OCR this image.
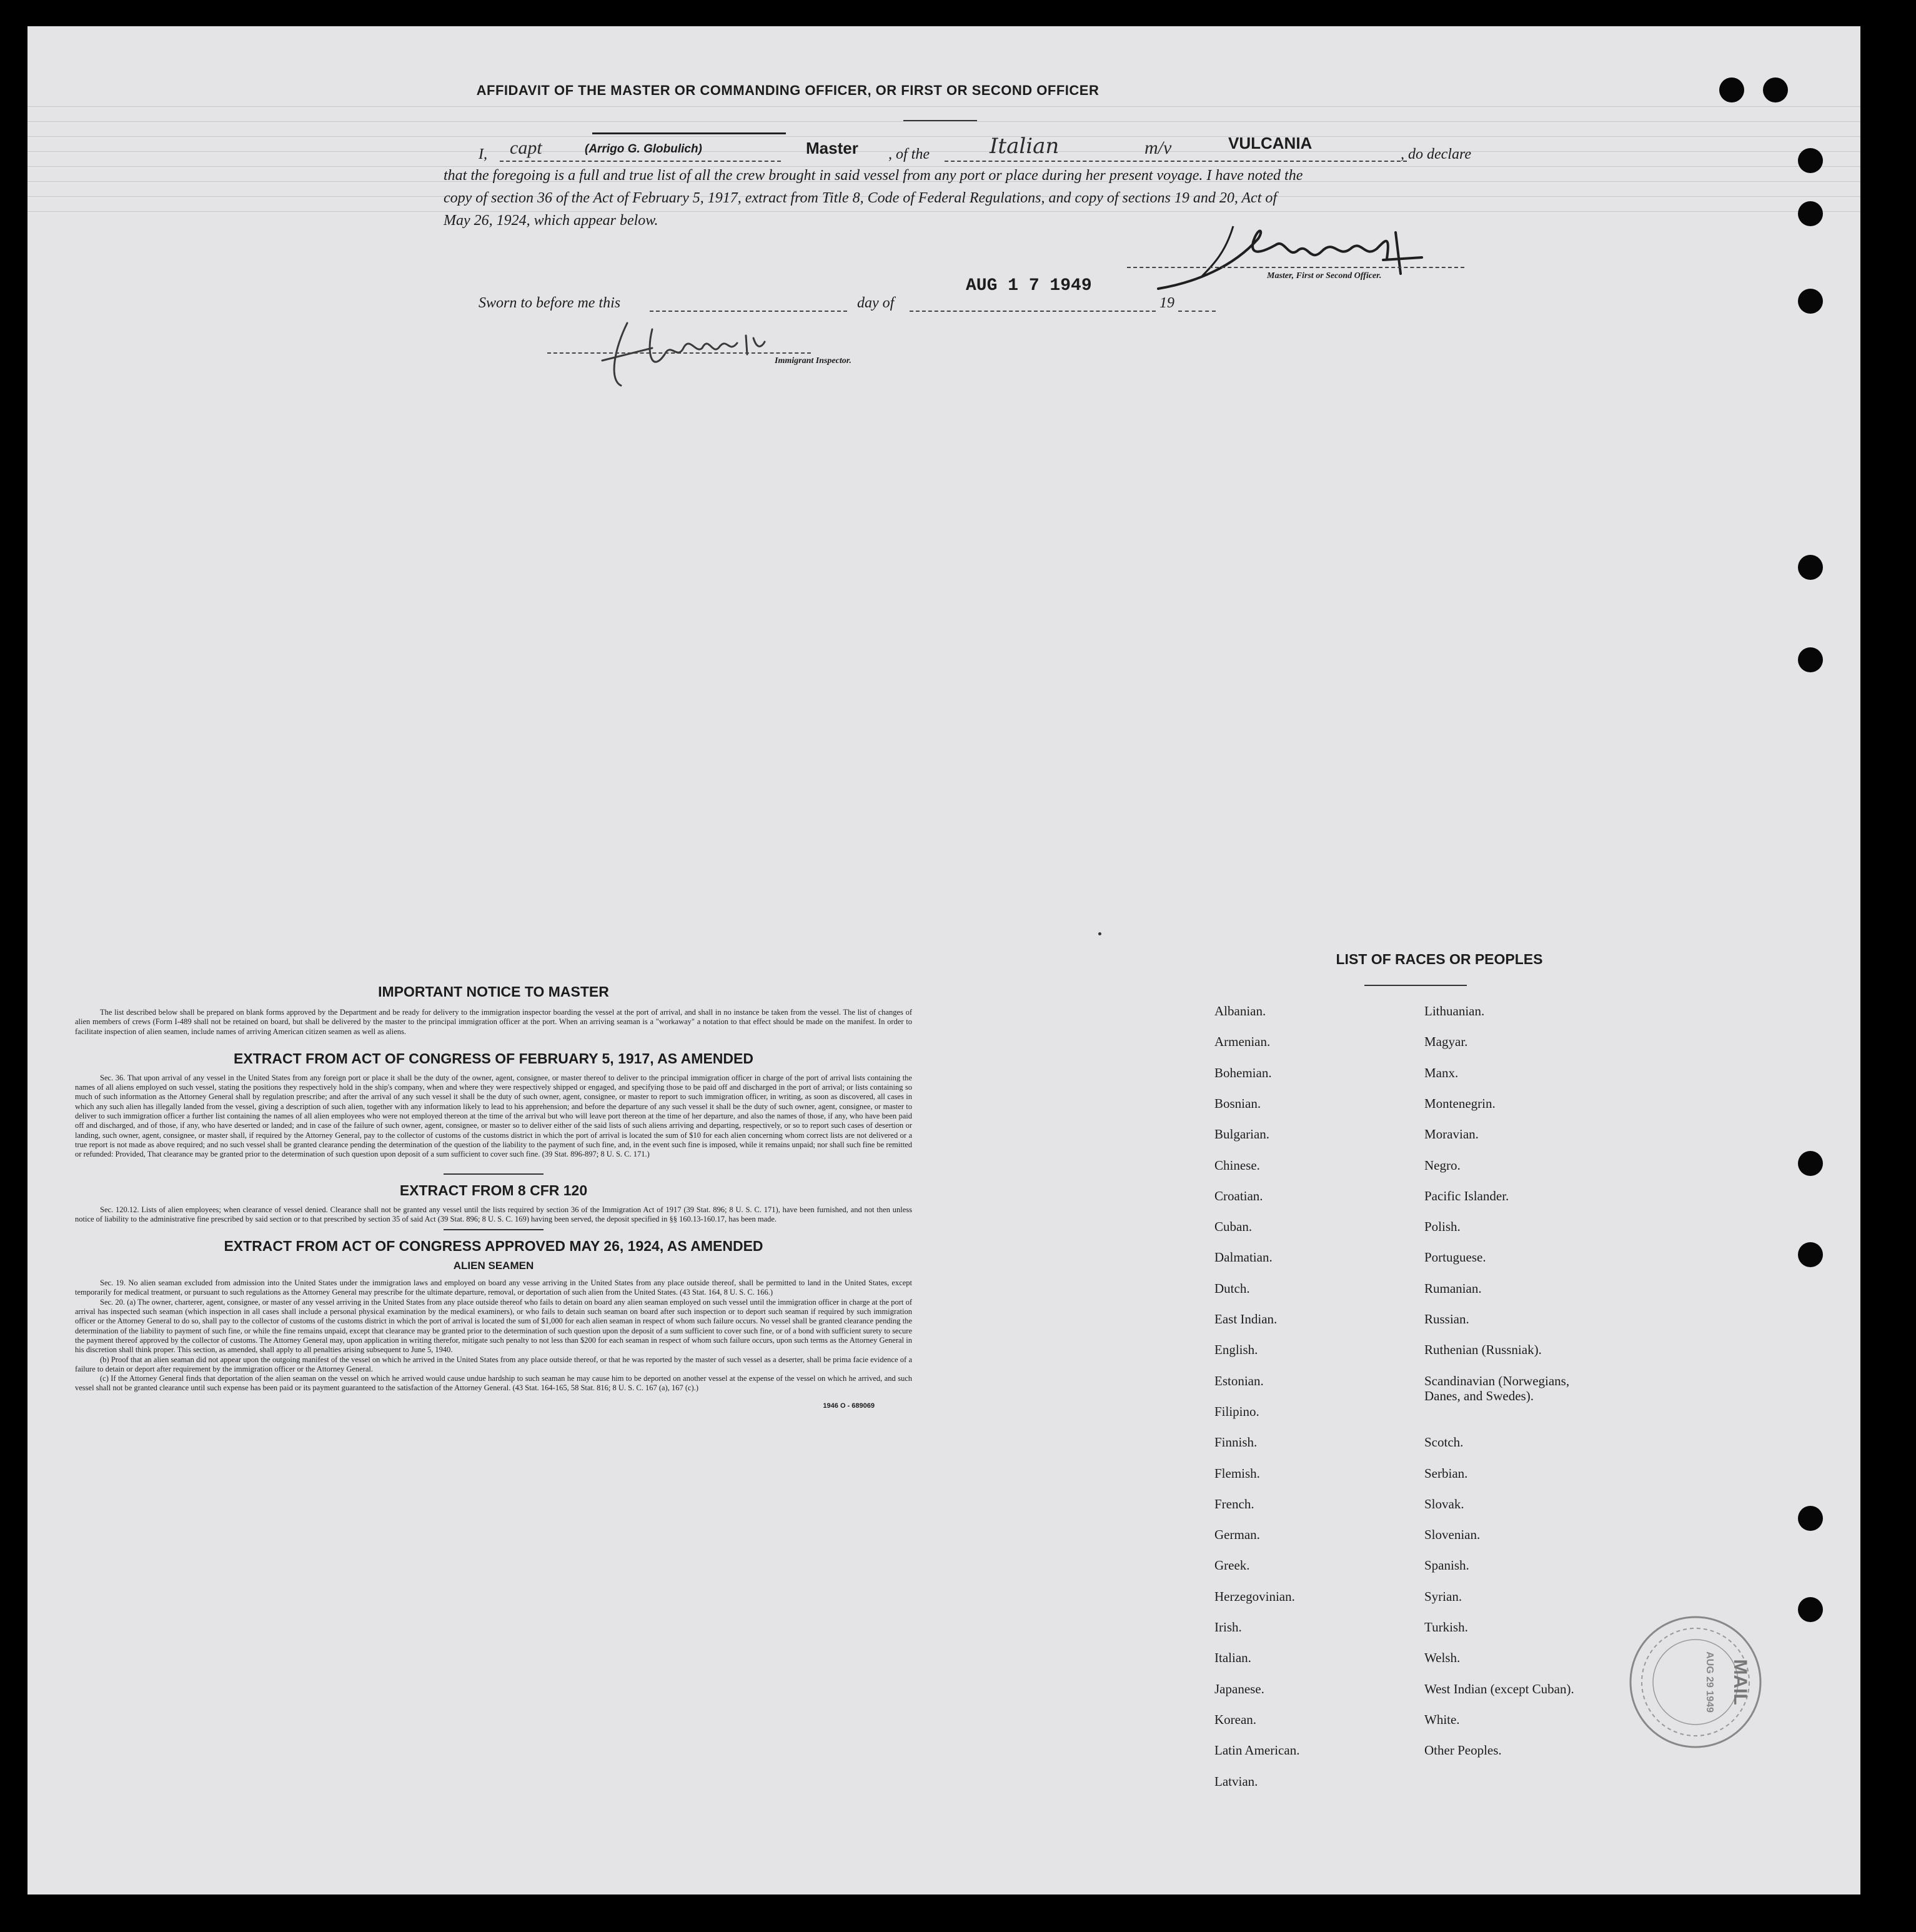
AFFIDAVIT OF THE MASTER OR COMMANDING OFFICER, OR FIRST OR SECOND OFFICER
I, capt	(Arrigo G. Globulich)	Master , of the	Italian	m/v	VULCANIA
, do declare
that the foregoing is a full and true list of all the crew brought in said vessel from any port or place during her present voyage. I have noted the
copy of section 36 of the Act of February 5, 1917, extract from Title 8, Code of Federal Regulations, and copy of sections 19 and 20, Act of
May 26, 1924, which appear below.
Master, First or Second Officer.
Sworn to before me this	day of
AUG 1 7 1949
19
Immigrant Inspector.
IMPORTANT NOTICE TO MASTER
The list described below shall be prepared on blank forms approved by the Department and be ready for delivery to the immigration inspector boarding the vessel at the port of arrival, and shall in no instance be taken from the vessel. The list of changes of alien members of crews (Form I-489 shall not be retained on board, but shall be delivered by the master to the principal immigration officer at the port. When an arriving seaman is a "workaway" a notation to that effect should be made on the manifest. In order to facilitate inspection of alien seamen, include names of arriving American citizen seamen as well as aliens.
EXTRACT FROM ACT OF CONGRESS OF FEBRUARY 5, 1917, AS AMENDED
Sec. 36. That upon arrival of any vessel in the United States from any foreign port or place it shall be the duty of the owner, agent, consignee, or master thereof to deliver to the principal immigration officer in charge of the port of arrival lists containing the names of all aliens employed on such vessel, stating the positions they respectively hold in the ship's company, when and where they were respectively shipped or engaged, and specifying those to be paid off and discharged in the port of arrival; or lists containing so much of such information as the Attorney General shall by regulation prescribe; and after the arrival of any such vessel it shall be the duty of such owner, agent, consignee, or master to report to such immigration officer, in writing, as soon as discovered, all cases in which any such alien has illegally landed from the vessel, giving a description of such alien, together with any information likely to lead to his apprehension; and before the departure of any such vessel it shall be the duty of such owner, agent, consignee, or master to deliver to such immigration officer a further list containing the names of all alien employees who were not employed thereon at the time of the arrival but who will leave port thereon at the time of her departure, and also the names of those, if any, who have been paid off and discharged, and of those, if any, who have deserted or landed; and in case of the failure of such owner, agent, consignee, or master so to deliver either of the said lists of such aliens arriving and departing, respectively, or so to report such cases of desertion or landing, such owner, agent, consignee, or master shall, if required by the Attorney General, pay to the collector of customs of the customs district in which the port of arrival is located the sum of $10 for each alien concerning whom correct lists are not delivered or a true report is not made as above required; and no such vessel shall be granted clearance pending the determination of the question of the liability to the payment of such fine, and, in the event such fine is imposed, while it remains unpaid; nor shall such fine be remitted or refunded: Provided, That clearance may be granted prior to the determination of such question upon deposit of a sum sufficient to cover such fine. (39 Stat. 896-897; 8 U. S. C. 171.)
EXTRACT FROM 8 CFR 120
Sec. 120.12. Lists of alien employees; when clearance of vessel denied. Clearance shall not be granted any vessel until the lists required by section 36 of the Immigration Act of 1917 (39 Stat. 896; 8 U. S. C. 171), have been furnished, and not then unless notice of liability to the administrative fine prescribed by said section or to that prescribed by section 35 of said Act (39 Stat. 896; 8 U. S. C. 169) having been served, the deposit specified in §§ 160.13-160.17, has been made.
EXTRACT FROM ACT OF CONGRESS APPROVED MAY 26, 1924, AS AMENDED
ALIEN SEAMEN
Sec. 19. No alien seaman excluded from admission into the United States under the immigration laws and employed on board any vesse arriving in the United States from any place outside thereof, shall be permitted to land in the United States, except temporarily for medical treatment, or pursuant to such regulations as the Attorney General may prescribe for the ultimate departure, removal, or deportation of such alien from the United States. (43 Stat. 164, 8 U. S. C. 166.)
Sec. 20. (a) The owner, charterer, agent, consignee, or master of any vessel arriving in the United States from any place outside thereof who fails to detain on board any alien seaman employed on such vessel until the immigration officer in charge at the port of arrival has inspected such seaman (which inspection in all cases shall include a personal physical examination by the medical examiners), or who fails to detain such seaman on board after such inspection or to deport such seaman if required by such immigration officer or the Attorney General to do so, shall pay to the collector of customs of the customs district in which the port of arrival is located the sum of $1,000 for each alien seaman in respect of whom such failure occurs. No vessel shall be granted clearance pending the determination of the liability to payment of such fine, or while the fine remains unpaid, except that clearance may be granted prior to the determination of such question upon the deposit of a sum sufficient to cover such fine, or of a bond with sufficient surety to secure the payment thereof approved by the collector of customs. The Attorney General may, upon application in writing therefor, mitigate such penalty to not less than $200 for each seaman in respect of whom such failure occurs, upon such terms as the Attorney General in his discretion shall think proper. This section, as amended, shall apply to all penalties arising subsequent to June 5, 1940.
(b) Proof that an alien seaman did not appear upon the outgoing manifest of the vessel on which he arrived in the United States from any place outside thereof, or that he was reported by the master of such vessel as a deserter, shall be prima facie evidence of a failure to detain or deport after requirement by the immigration officer or the Attorney General.
(c) If the Attorney General finds that deportation of the alien seaman on the vessel on which he arrived would cause undue hardship to such seaman he may cause him to be deported on another vessel at the expense of the vessel on which he arrived, and such vessel shall not be granted clearance until such expense has been paid or its payment guaranteed to the satisfaction of the Attorney General. (43 Stat. 164-165, 58 Stat. 816; 8 U. S. C. 167 (a), 167 (c).)
1946 O - 689069
LIST OF RACES OR PEOPLES
Albanian.
Armenian.
Bohemian.
Bosnian.
Bulgarian.
Chinese.
Croatian.
Cuban.
Dalmatian.
Dutch.
East Indian.
English.
Estonian.
Filipino.
Finnish.
Flemish.
French.
German.
Greek.
Herzegovinian.
Irish.
Italian.
Japanese.
Korean.
Latin American.
Latvian.
Lithuanian.
Magyar.
Manx.
Montenegrin.
Moravian.
Negro.
Pacific Islander.
Polish.
Portuguese.
Rumanian.
Russian.
Ruthenian (Russniak).
Scandinavian (Norwegians,
Danes, and Swedes).
Scotch.
Serbian.
Slovak.
Slovenian.
Spanish.
Syrian.
Turkish.
Welsh.
West Indian (except Cuban).
White.
Other Peoples.
MAIL
AUG 29 1949
